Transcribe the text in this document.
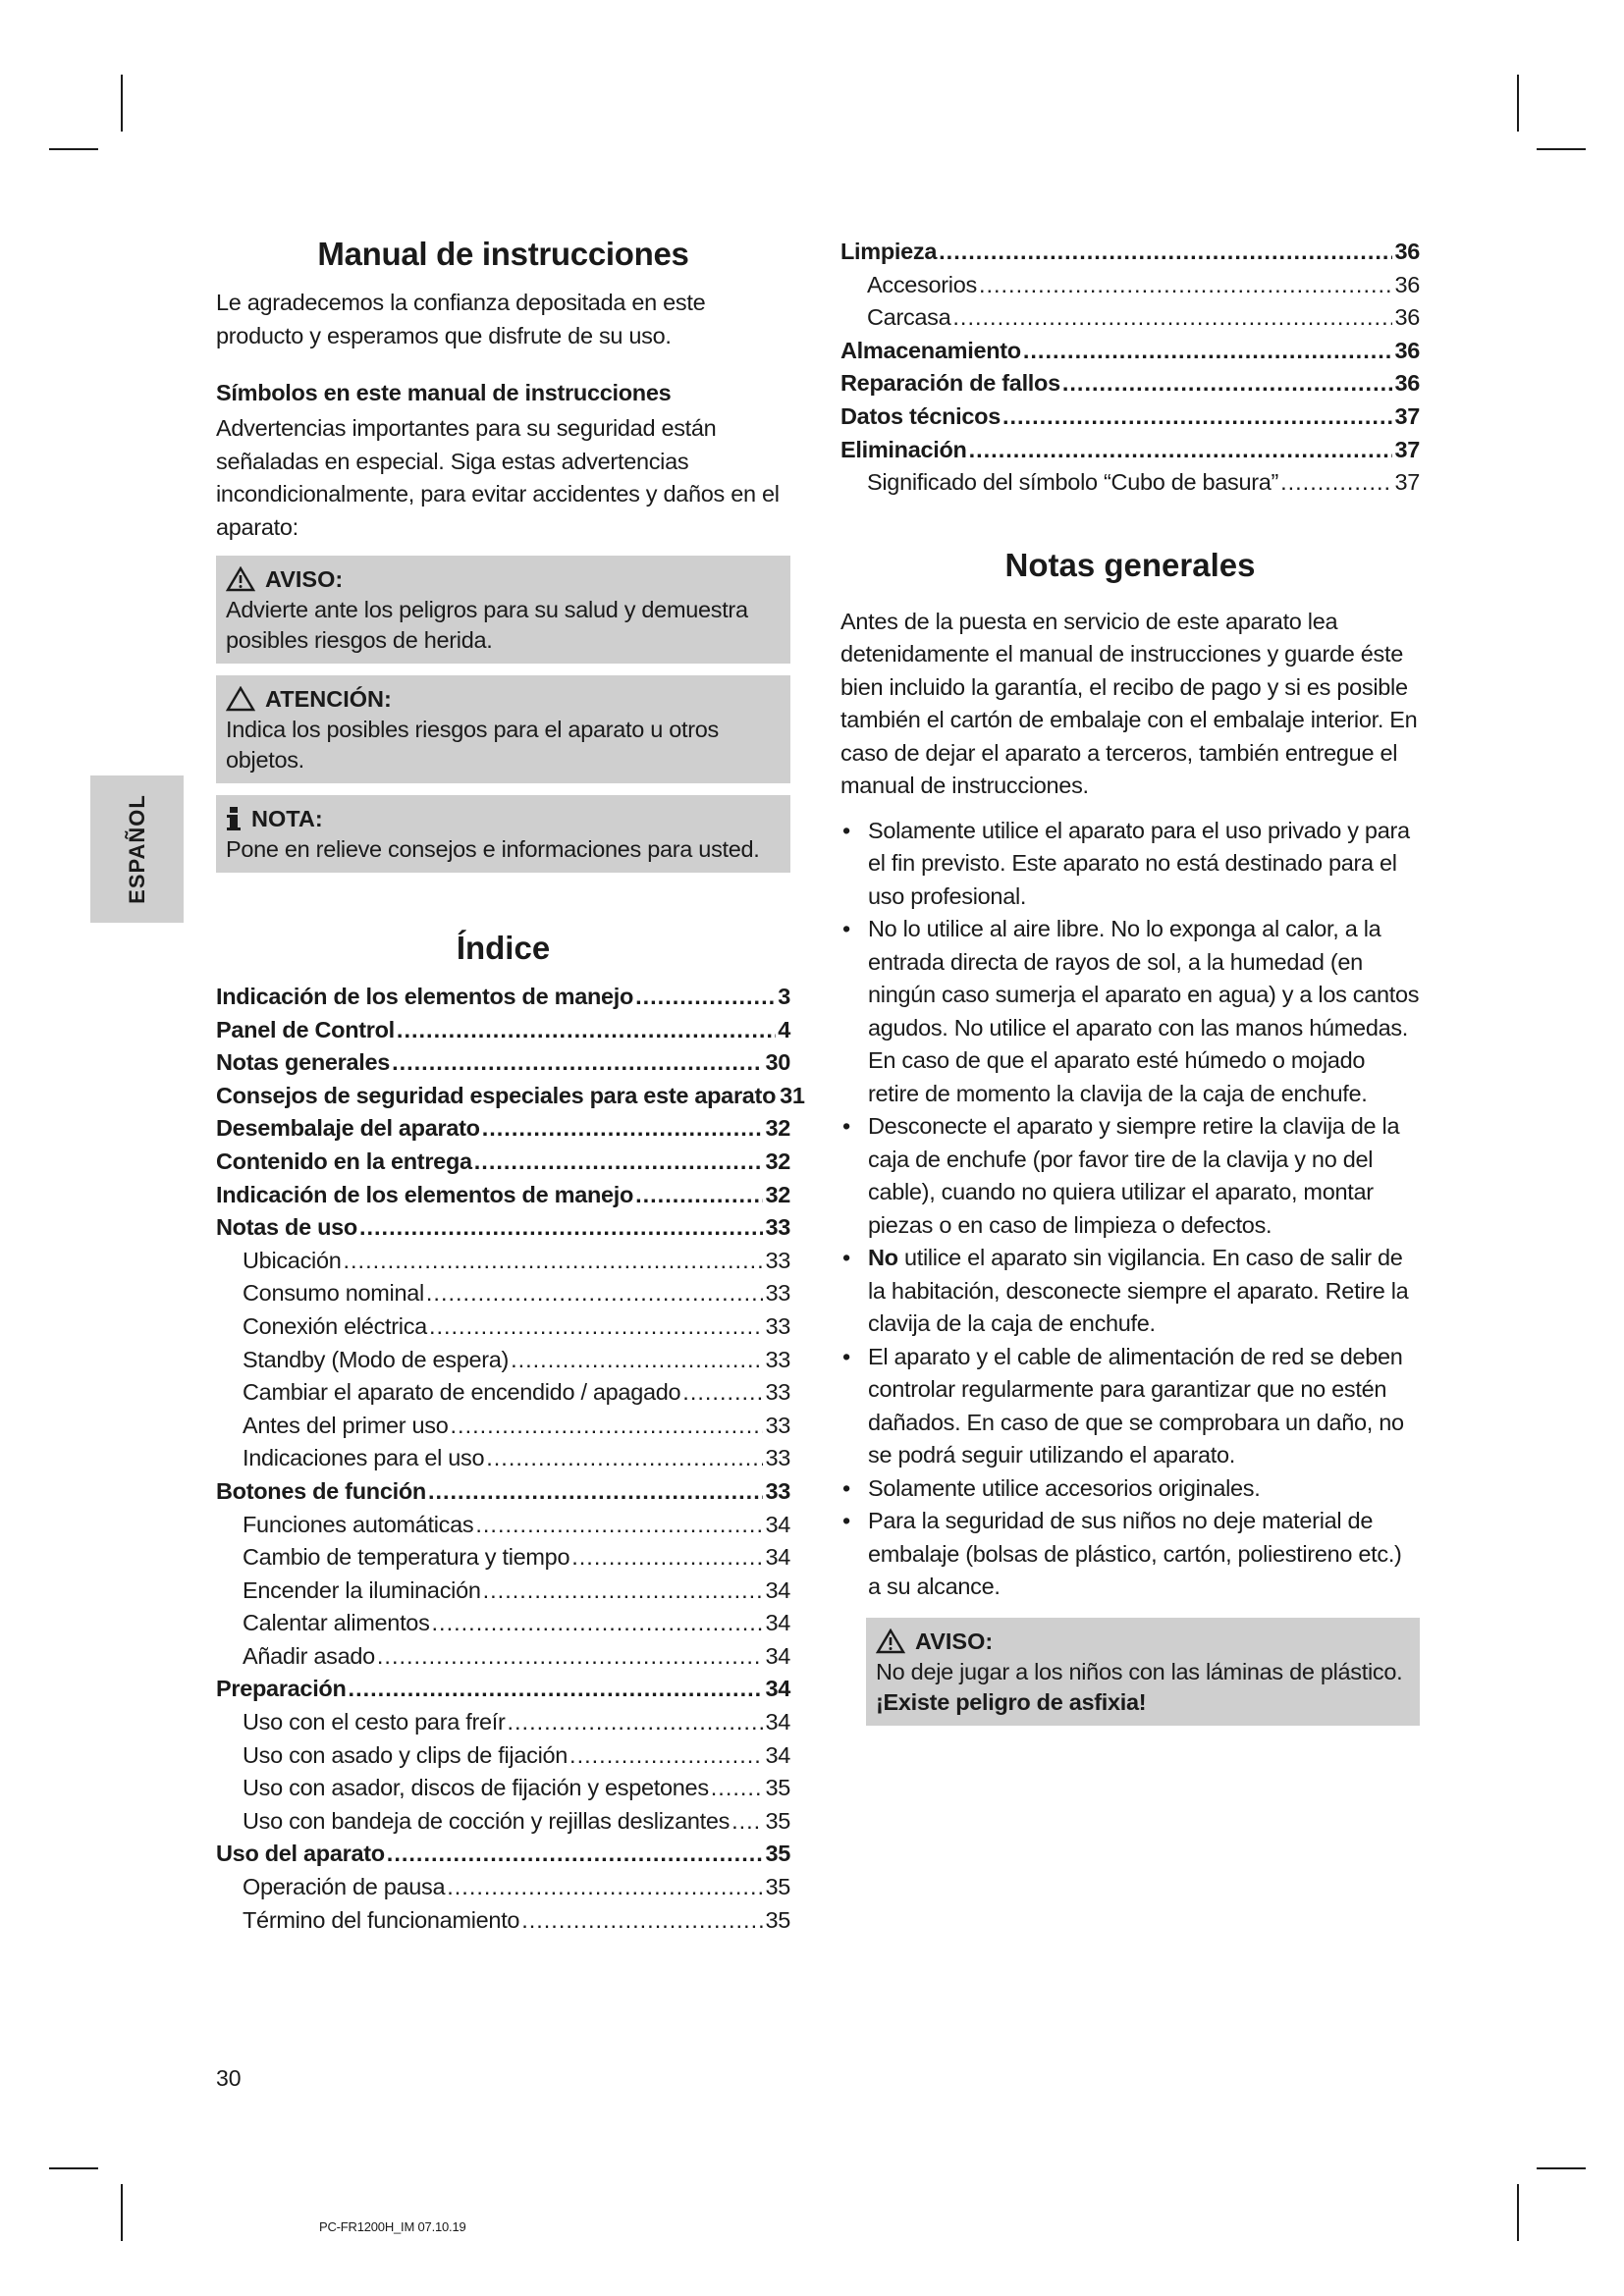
ESPAÑOL
Manual de instrucciones

Le agradecemos la confianza depositada en este producto y esperamos que disfrute de su uso.

Símbolos en este manual de instrucciones

Advertencias importantes para su seguridad están señaladas en especial. Siga estas advertencias incondicionalmente, para evitar accidentes y daños en el aparato:

AVISO:
Advierte ante los peligros para su salud y demuestra posibles riesgos de herida.
ATENCIÓN:
Indica los posibles riesgos para el aparato u otros objetos.
NOTA:
Pone en relieve consejos e informaciones para usted.
Índice
Indicación de los elementos de manejo .....	3
Panel de Control .....	4
Notas generales .....	30
Consejos de seguridad especiales para este aparato 31
Desembalaje del aparato .....	32
Contenido en la entrega .....	32
Indicación de los elementos de manejo .....	32
Notas de uso .....	33
Ubicación .....	33
Consumo nominal .....	33
Conexión eléctrica .....	33
Standby (Modo de espera) .....	33
Cambiar el aparato de encendido / apagado .....	33
Antes del primer uso .....	33
Indicaciones para el uso .....	33
Botones de función .....	33
Funciones automáticas .....	34
Cambio de temperatura y tiempo .....	34
Encender la iluminación .....	34
Calentar alimentos .....	34
Añadir asado .....	34
Preparación .....	34
Uso con el cesto para freír .....	34
Uso con asado y clips de fijación .....	34
Uso con asador, discos de fijación y espetones ..... 35
Uso con bandeja de cocción y rejillas deslizantes ..... 35
Uso del aparato .....	35
Operación de pausa .....	35
Término del funcionamiento .....	35
Limpieza .....	36
Accesorios .....	36
Carcasa .....	36
Almacenamiento .....	36
Reparación de fallos .....	36
Datos técnicos .....	37
Eliminación .....	37
Significado del símbolo “Cubo de basura” .....	37
Notas generales

Antes de la puesta en servicio de este aparato lea detenidamente el manual de instrucciones y guarde éste bien incluido la garantía, el recibo de pago y si es posible también el cartón de embalaje con el embalaje interior. En caso de dejar el aparato a terceros, también entregue el manual de instrucciones.

• Solamente utilice el aparato para el uso privado y para el fin previsto. Este aparato no está destinado para el uso profesional.
• No lo utilice al aire libre. No lo exponga al calor, a la entrada directa de rayos de sol, a la humedad (en ningún caso sumerja el aparato en agua) y a los cantos agudos. No utilice el aparato con las manos húmedas. En caso de que el aparato esté húmedo o mojado retire de momento la clavija de la caja de enchufe.
• Desconecte el aparato y siempre retire la clavija de la caja de enchufe (por favor tire de la clavija y no del cable), cuando no quiera utilizar el aparato, montar piezas o en caso de limpieza o defectos.
• No utilice el aparato sin vigilancia. En caso de salir de la habitación, desconecte siempre el aparato. Retire la clavija de la caja de enchufe.
• El aparato y el cable de alimentación de red se deben controlar regularmente para garantizar que no estén dañados. En caso de que se comprobara un daño, no se podrá seguir utilizando el aparato.
• Solamente utilice accesorios originales.
• Para la seguridad de sus niños no deje material de embalaje (bolsas de plástico, cartón, poliestireno etc.) a su alcance.
AVISO:
No deje jugar a los niños con las láminas de plástico.
¡Existe peligro de asfixia!
30
PC-FR1200H_IM 07.10.19
